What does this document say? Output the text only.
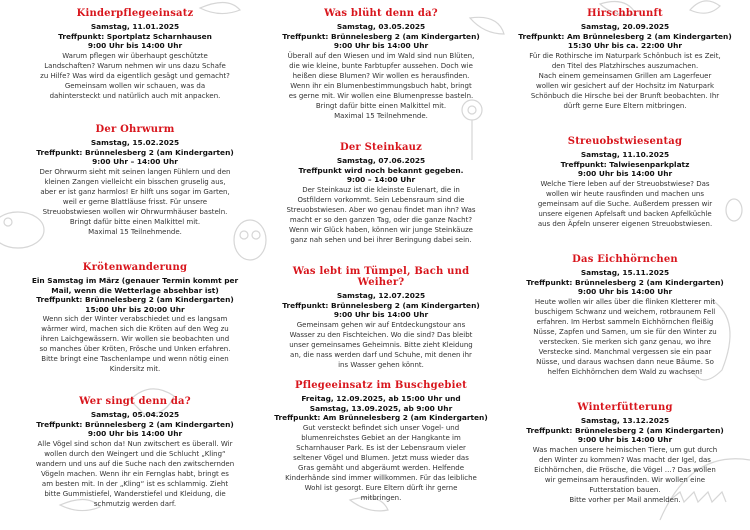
Kinderpflegeeinsatz
Samstag, 11.01.2025
Treffpunkt: Sportplatz Scharnhausen
9:00 Uhr bis 14:00 Uhr
Warum pflegen wir überhaupt geschützte
Landschaften? Warum nehmen wir uns dazu Schafe
zu Hilfe? Was wird da eigentlich gesägt und gemacht?
Gemeinsam wollen wir schauen, was da
dahintersteckt und natürlich auch mit anpacken.
Der Ohrwurm
Samstag, 15.02.2025
Treffpunkt: Brünnelesberg 2 (am Kindergarten)
9:00 Uhr – 14:00 Uhr
Der Ohrwurm sieht mit seinen langen Fühlern und den
kleinen Zangen vielleicht ein bisschen gruselig aus,
aber er ist ganz harmlos! Er hilft uns sogar im Garten,
weil er gerne Blattläuse frisst. Für unsere
Streuobstwiesen wollen wir Ohrwurmhäuser basteln.
Bringt dafür bitte einen Malkittel mit.
Maximal 15 Teilnehmende.
Krötenwanderung
Ein Samstag im März (genauer Termin kommt per Mail, wenn die Wetterlage absehbar ist)
Treffpunkt: Brünnelesberg 2 (am Kindergarten)
15:00 Uhr bis 20:00 Uhr
Wenn sich der Winter verabschiedet und es langsam
wärmer wird, machen sich die Kröten auf den Weg zu
ihren Laichgewässern. Wir wollen sie beobachten und
so manches über Kröten, Frösche und Unken erfahren.
Bitte bringt eine Taschenlampe und wenn nötig einen
Kindersitz mit.
Wer singt denn da?
Samstag, 05.04.2025
Treffpunkt: Brünnelesberg 2 (am Kindergarten)
9:00 Uhr bis 14:00 Uhr
Alle Vögel sind schon da! Nun zwitschert es überall. Wir
wollen durch den Weingert und die Schlucht „Kling“
wandern und uns auf die Suche nach den zwitschernden
Vögeln machen. Wenn ihr ein Fernglas habt, bringt es
am besten mit. In der „Kling“ ist es schlammig. Zieht
bitte Gummistiefel, Wanderstiefel und Kleidung, die
schmutzig werden darf.
Was blüht denn da?
Samstag, 03.05.2025
Treffpunkt: Brünnelesberg 2 (am Kindergarten)
9:00 Uhr bis 14:00 Uhr
Überall auf den Wiesen und im Wald sind nun Blüten,
die wie kleine, bunte Farbtupfer aussehen. Doch wie
heißen diese Blumen? Wir wollen es herausfinden.
Wenn ihr ein Blumenbestimmungsbuch habt, bringt
es gerne mit. Wir wollen eine Blumenpresse basteln.
Bringt dafür bitte einen Malkittel mit.
Maximal 15 Teilnehmende.
Der Steinkauz
Samstag, 07.06.2025
Treffpunkt wird noch bekannt gegeben.
9:00 – 14:00 Uhr
Der Steinkauz ist die kleinste Eulenart, die in
Ostfildern vorkommt. Sein Lebensraum sind die
Streuobstwiesen. Aber wo genau findet man ihn? Was
macht er so den ganzen Tag, oder die ganze Nacht?
Wenn wir Glück haben, können wir junge Steinkäuze
ganz nah sehen und bei ihrer Beringung dabei sein.
Was lebt im Tümpel, Bach und Weiher?
Samstag, 12.07.2025
Treffpunkt: Brünnelesberg 2 (am Kindergarten)
9:00 Uhr bis 14:00 Uhr
Gemeinsam gehen wir auf Entdeckungstour ans
Wasser zu den Fischteichen. Wo die sind? Das bleibt
unser gemeinsames Geheimnis. Bitte zieht Kleidung
an, die nass werden darf und Schuhe, mit denen ihr
ins Wasser gehen könnt.
Pflegeeinsatz im Buschgebiet
Freitag, 12.09.2025, ab 15:00 Uhr und
Samstag, 13.09.2025, ab 9:00 Uhr
Treffpunkt: Am Brünnelesberg 2 (am Kindergarten)
Gut versteckt befindet sich unser Vogel- und
blumenreichstes Gebiet an der Hangkante im
Scharnhauser Park. Es ist der Lebensraum vieler
seltener Vögel und Blumen. Jetzt muss wieder das
Gras gemäht und abgeräumt werden. Helfende
Kinderhände sind immer willkommen. Für das leibliche
Wohl ist gesorgt. Eure Eltern dürft ihr gerne
mitbringen.
Hirschbrunft
Samstag, 20.09.2025
Treffpunkt: Am Brünnelesberg 2 (am Kindergarten)
15:30 Uhr bis ca. 22:00 Uhr
Für die Rothirsche im Naturpark Schönbuch ist es Zeit,
den Titel des Platzhirsches auszumachen.
Nach einem gemeinsamen Grillen am Lagerfeuer
wollen wir gesichert auf der Hochsitz im Naturpark
Schönbuch die Hirsche bei der Brunft beobachten. Ihr
dürft gerne Eure Eltern mitbringen.
Streuobstwiesentag
Samstag, 11.10.2025
Treffpunkt: Talwiesenparkplatz
9:00 Uhr bis 14:00 Uhr
Welche Tiere leben auf der Streuobstwiese? Das
wollen wir heute rausfinden und machen uns
gemeinsam auf die Suche. Außerdem pressen wir
unsere eigenen Apfelsaft und backen Apfelküchle
aus den Äpfeln unserer eigenen Streuobstwiesen.
Das Eichhörnchen
Samstag, 15.11.2025
Treffpunkt: Brünnelesberg 2 (am Kindergarten)
9:00 Uhr bis 14:00 Uhr
Heute wollen wir alles über die flinken Kletterer mit
buschigem Schwanz und weichem, rotbraunem Fell
erfahren. Im Herbst sammeln Eichhörnchen fleißig
Nüsse, Zapfen und Samen, um sie für den Winter zu
verstecken. Sie merken sich ganz genau, wo ihre
Verstecke sind. Manchmal vergessen sie ein paar
Nüsse, und daraus wachsen dann neue Bäume. So
helfen Eichhörnchen dem Wald zu wachsen!
Winterfütterung
Samstag, 13.12.2025
Treffpunkt: Brünnelesberg 2 (am Kindergarten)
9:00 Uhr bis 14:00 Uhr
Was machen unsere heimischen Tiere, um gut durch
den Winter zu kommen? Was macht der Igel, das
Eichhörnchen, die Frösche, die Vögel …? Das wollen
wir gemeinsam herausfinden. Wir wollen eine
Futterstation bauen.
Bitte vorher per Mail anmelden.
